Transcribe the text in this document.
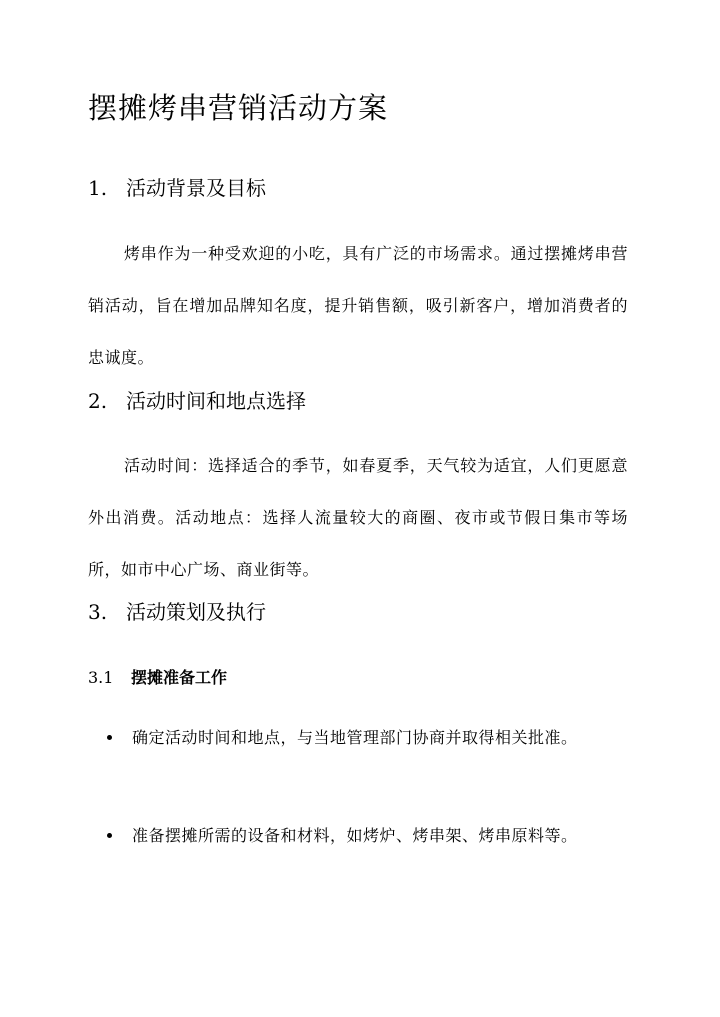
摆摊烤串营销活动方案
1. 活动背景及目标

烤串作为一种受欢迎的小吃，具有广泛的市场需求。通过摆摊烤串营销活动，旨在增加品牌知名度，提升销售额，吸引新客户，增加消费者的忠诚度。

2. 活动时间和地点选择

活动时间：选择适合的季节，如春夏季，天气较为适宜，人们更愿意外出消费。活动地点：选择人流量较大的商圈、夜市或节假日集市等场所，如市中心广场、商业街等。

3. 活动策划及执行
3.1 摆摊准备工作

确定活动时间和地点，与当地管理部门协商并取得相关批准。

准备摆摊所需的设备和材料，如烤炉、烤串架、烤串原料等。
